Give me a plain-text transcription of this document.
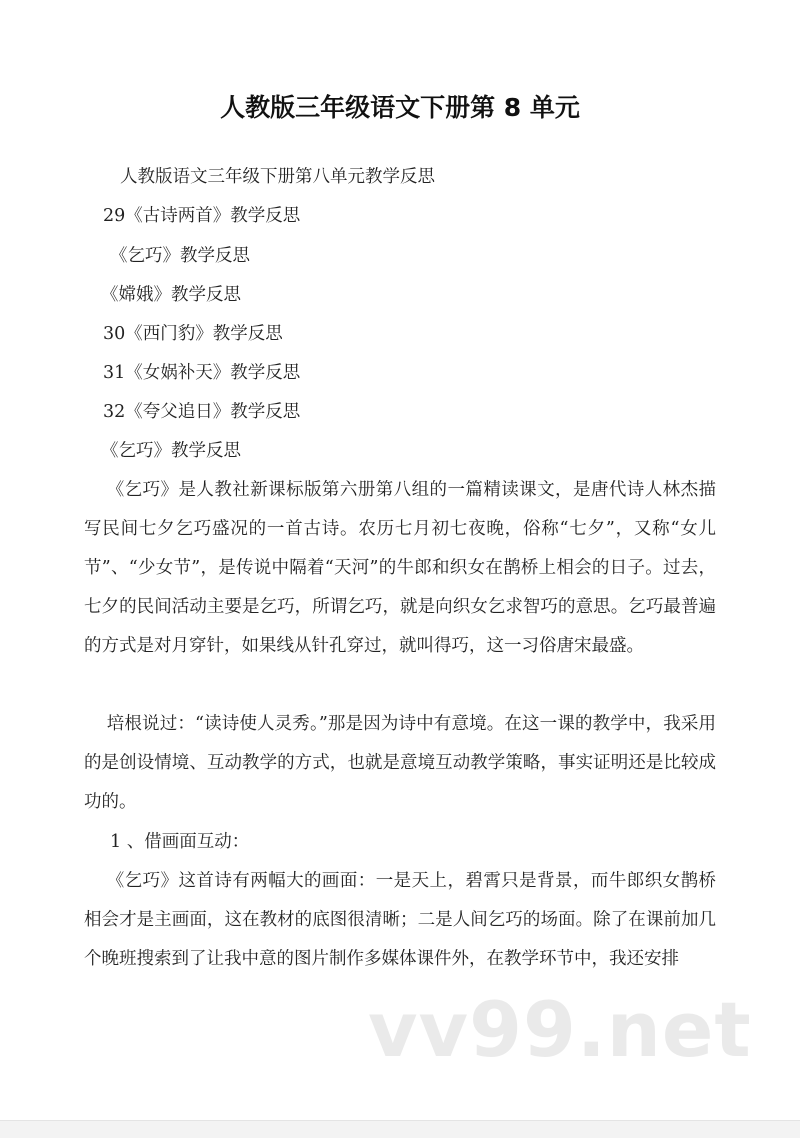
人教版三年级语文下册第 8 单元
人教版语文三年级下册第八单元教学反思
29《古诗两首》教学反思
《乞巧》教学反思
《嫦娥》教学反思
30《西门豹》教学反思
31《女娲补天》教学反思
32《夸父追日》教学反思
《乞巧》教学反思

《乞巧》是人教社新课标版第六册第八组的一篇精读课文，是唐代诗人林杰描写民间七夕乞巧盛况的一首古诗。农历七月初七夜晚，俗称“七夕”，又称“女儿节”、“少女节”，是传说中隔着“天河”的牛郎和织女在鹊桥上相会的日子。过去，七夕的民间活动主要是乞巧，所谓乞巧，就是向织女乞求智巧的意思。乞巧最普遍的方式是对月穿针，如果线从针孔穿过，就叫得巧，这一习俗唐宋最盛。

培根说过：“读诗使人灵秀。”那是因为诗中有意境。在这一课的教学中，我采用的是创设情境、互动教学的方式，也就是意境互动教学策略，事实证明还是比较成功的。

1 、借画面互动：

《乞巧》这首诗有两幅大的画面：一是天上，碧霄只是背景，而牛郎织女鹊桥相会才是主画面，这在教材的底图很清晰；二是人间乞巧的场面。除了在课前加几个晚班搜索到了让我中意的图片制作多媒体课件外，在教学环节中，我还安排

vv99.net
